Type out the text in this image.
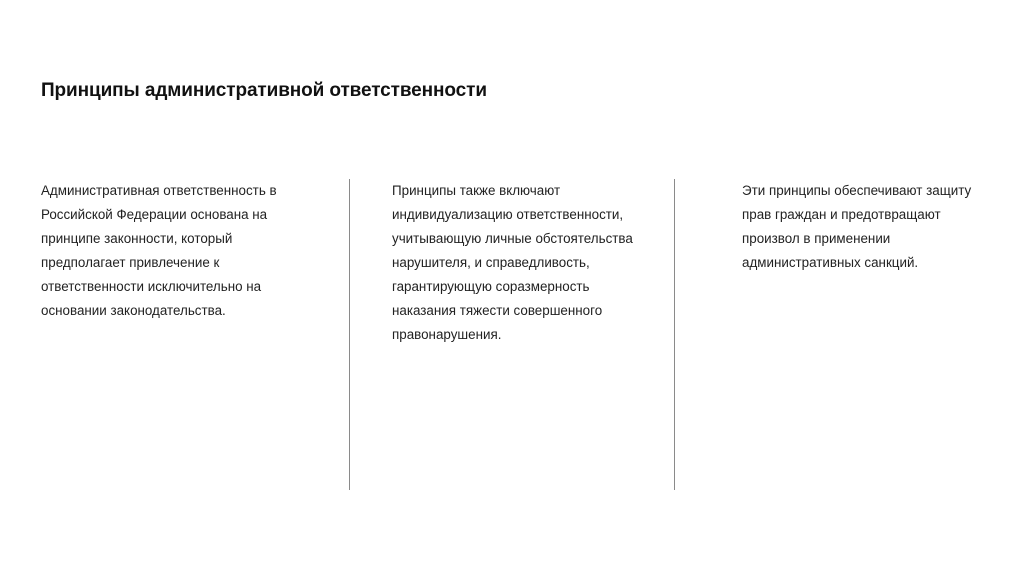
Принципы административной ответственности

Административная ответственность в
Российской Федерации основана на
принципе законности, который
предполагает привлечение к
ответственности исключительно на
основании законодательства.

Принципы также включают
индивидуализацию ответственности,
учитывающую личные обстоятельства
нарушителя, и справедливость,
гарантирующую соразмерность
наказания тяжести совершенного
правонарушения.

Эти принципы обеспечивают защиту
прав граждан и предотвращают
произвол в применении
административных санкций.
